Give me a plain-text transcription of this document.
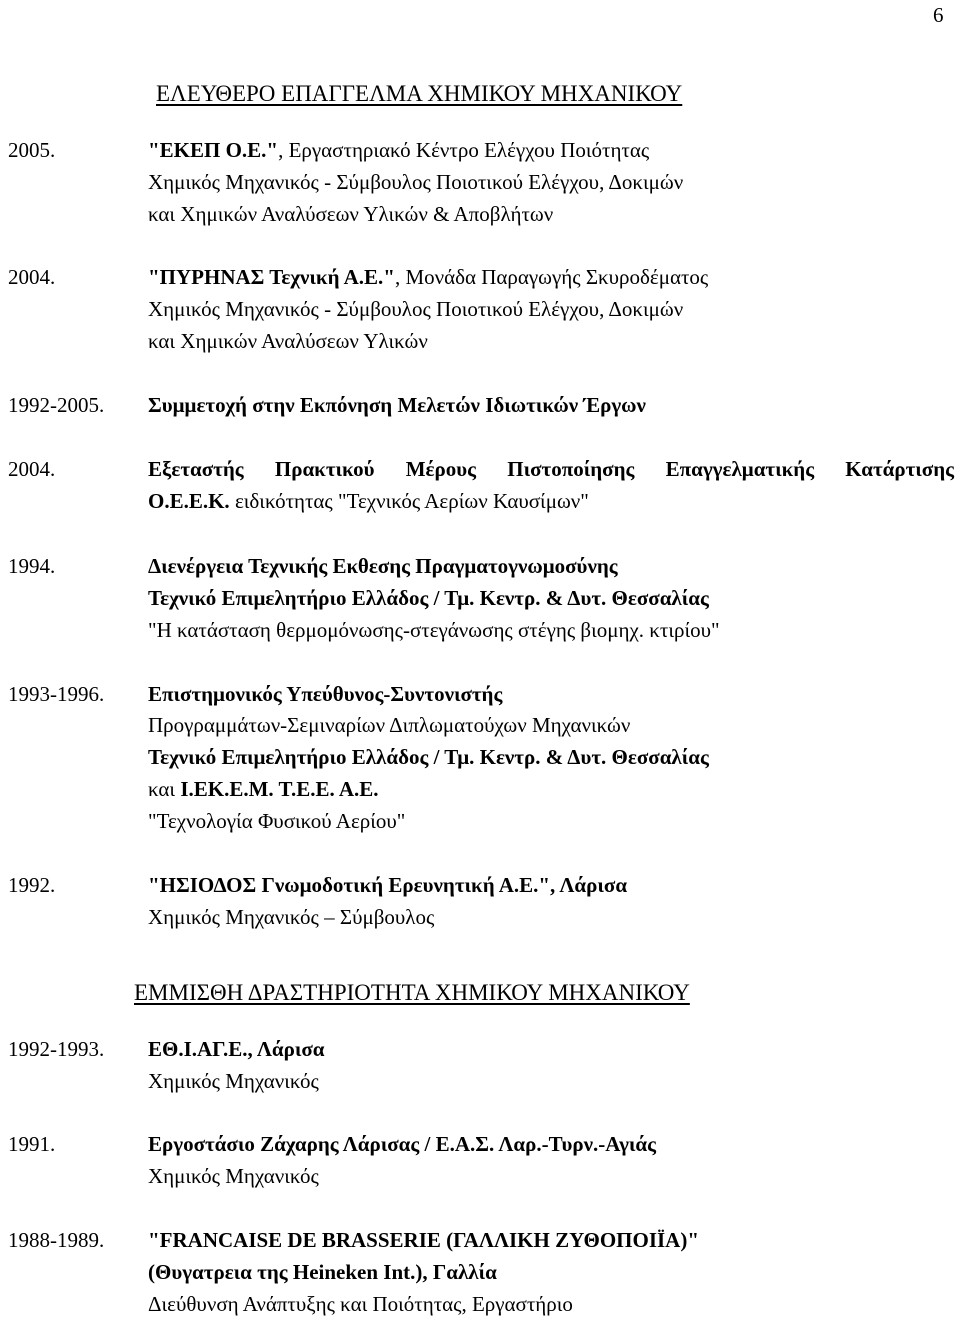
6
ΕΛΕΥΘΕΡΟ ΕΠΑΓΓΕΛΜΑ ΧΗΜΙΚΟΥ ΜΗΧΑΝΙΚΟΥ
2005.	"ΕΚΕΠ Ο.Ε.", Εργαστηριακό Κέντρο Ελέγχου Ποιότητας
Χημικός Μηχανικός - Σύμβουλος Ποιοτικού Ελέγχου, Δοκιμών
και Χημικών Αναλύσεων Υλικών & Αποβλήτων
2004.	"ΠΥΡΗΝΑΣ Τεχνική Α.Ε.", Μονάδα Παραγωγής Σκυροδέματος
Χημικός Μηχανικός - Σύμβουλος Ποιοτικού Ελέγχου, Δοκιμών
και Χημικών Αναλύσεων Υλικών
1992-2005. Συμμετοχή στην Εκπόνηση Μελετών Ιδιωτικών Έργων
2004.	Εξεταστής Πρακτικού Μέρους Πιστοποίησης Επαγγελματικής Κατάρτισης
Ο.Ε.Ε.Κ. ειδικότητας "Τεχνικός Αερίων Καυσίμων"
1994.	Διενέργεια Τεχνικής Εκθεσης Πραγματογνωμοσύνης
Τεχνικό Επιμελητήριο Ελλάδος / Τμ. Κεντρ. & Δυτ. Θεσσαλίας
"Η κατάσταση θερμομόνωσης-στεγάνωσης στέγης βιομηχ. κτιρίου"
1993-1996. Επιστημονικός Υπεύθυνος-Συντονιστής
Προγραμμάτων-Σεμιναρίων Διπλωματούχων Μηχανικών
Τεχνικό Επιμελητήριο Ελλάδος / Τμ. Κεντρ. & Δυτ. Θεσσαλίας
και Ι.ΕΚ.Ε.Μ. Τ.Ε.Ε. Α.Ε.
"Τεχνολογία Φυσικού Αερίου"
1992.	"ΗΣΙΟΔΟΣ Γνωμοδοτική Ερευνητική Α.Ε.", Λάρισα
Χημικός Μηχανικός – Σύμβουλος
ΕΜΜΙΣΘΗ ΔΡΑΣΤΗΡΙΟΤΗΤΑ ΧΗΜΙΚΟΥ ΜΗΧΑΝΙΚΟΥ
1992-1993. ΕΘ.Ι.ΑΓ.Ε., Λάρισα
Χημικός Μηχανικός
1991.	Εργοστάσιο Ζάχαρης Λάρισας / Ε.Α.Σ. Λαρ.-Τυρν.-Αγιάς
Χημικός Μηχανικός
1988-1989. "FRANCAISE DE BRASSERIE (ΓΑΛΛΙΚΗ ΖΥΘΟΠΟΙΪΑ)"
(Θυγατρεια της Heineken Int.), Γαλλία
Διεύθυνση Ανάπτυξης και Ποιότητας, Εργαστήριο
